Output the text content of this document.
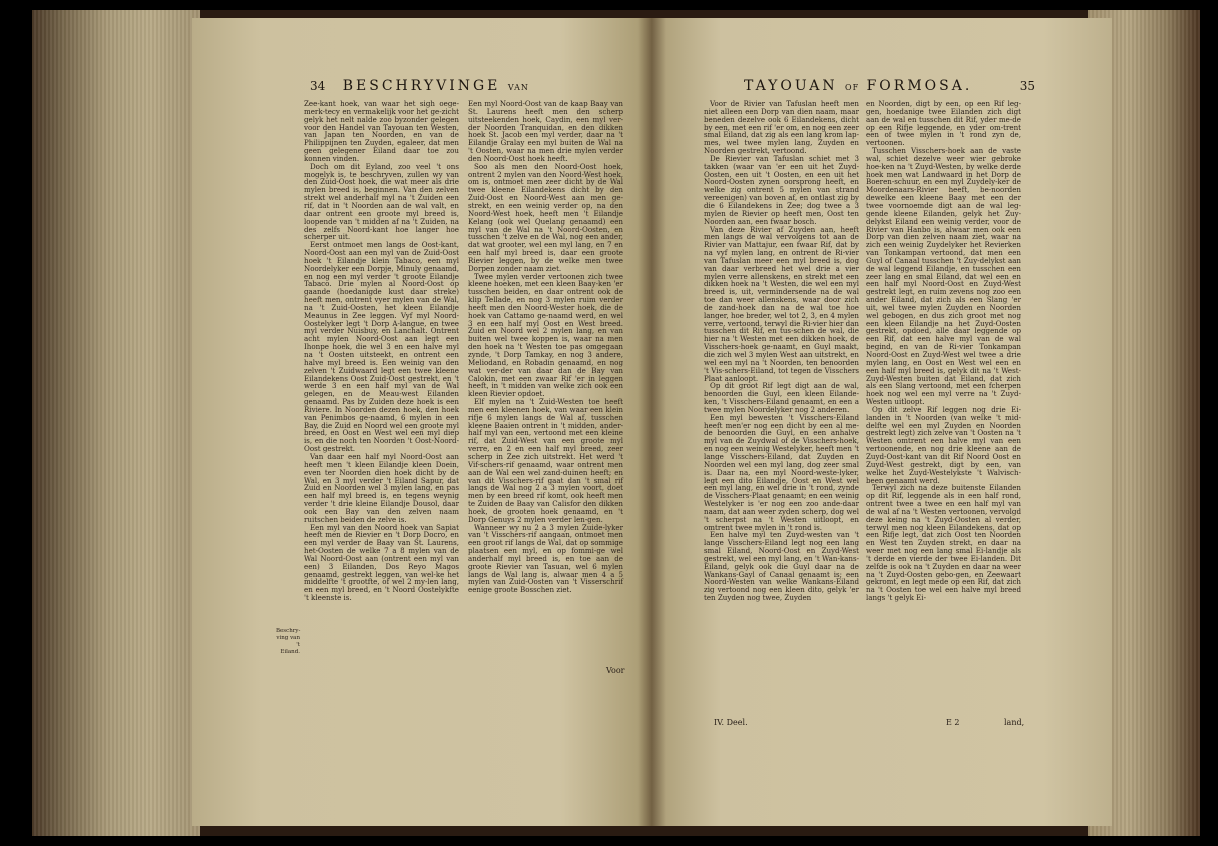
34 BESCHRYVINGE VAN

Zee-kant hoek, van waar het sigh oege-merk-tecy en vermakelijk voor het ge-zicht gelyk het nelt nalde zoo byzonder gelegen voor den Handel van Tayouan ten Westen, van Japan ten Noorden, en van de Philippijnen ten Zuyden, egaleer, dat men geen gelegener Eiland daar toe zou konnen vinden.

Doch om dit Eyland, zoo veel 't ons mogelyk is, te beschryven, zullen wy van den Zuid-Oost hoek, die wat meer als drie mylen breed is, beginnen. Van den zelven strekt wel anderhalf myl na 't Zuiden een rif, dat in 't Noorden aan de wal valt, en daar ontrent een groote myl breed is, loopende van 't midden af na 't Zuiden, na des zelfs Noord-kant hoe langer hoe scherper uit.

Eerst ontmoet men langs de Oost-kant, Noord-Oost aan een myl van de Zuid-Oost hoek 't Eilandje klein Tabaco, een myl Noordelyker een Dorpje, Minuly genaamd, en nog een myl verder 't groote Eilandje Tabaco. Drie mylen al Noord-Oost op gaande (hoedanigde kust daar streke) heeft men, ontrent vyer mylen van de Wal, na 't Zuid-Oosten, het kleen Eilandje Meaunus in Zee leggen. Vyf myl Noord-Oostelyker legt 't Dorp A-langue, en twee myl verder Nuisbuy, en Lanchalt. Ontrent acht mylen Noord-Oost aan legt een Ihonpe hoek, die wel 3 en een halve myl na 't Oosten uitsteekt, en ontrent een halve myl breed is. Een weinig van den zelven 't Zuidwaard legt een twee kleene Eilandekens Oost Zuid-Oost gestrekt, en 't werde 3 en een half myl van de Wal gelegen, en de Meau-west Eilanden genaamd. Pas by Zuiden deze hoek is een Riviere. In Noorden dezen hoek, den hoek van Penimbos ge-naamd, 6 mylen in een Bay, die Zuid en Noord wel een groote myl breed, en Oost en West wel een myl diep is, en die noch ten Noorden 't Oost-Noord-Oost gestrekt.

Van daar een half myl Noord-Oost aan heeft men 't kleen Eilandje kleen Doein, even ter Noorden dien hoek dicht by de Wal, en 3 myl verder 't Eiland Sapur, dat Zuid en Noorden wel 3 mylen lang, en pas een half myl breed is, en tegens weynig verder 't drie kleine Eilandje Dousol, daar ook een Bay van den zelven naam ruitschen beiden de zelve is.

Een myl van den Noord hoek van Sapiat heeft men de Rievier en 't Dorp Docro, en een myl verder de Baay van St. Laurens, het-Oosten de welke 7 a 8 mylen van de Wal Noord-Oost aan (ontrent een myl van een) 3 Eilanden, Dos Reyo Magos genaamd, gestrekt leggen, van wel-ke het middelfte 't grootfte, of wel 2 my-len lang, en een myl breed, en 't Noord Oostelykfte 't kleenste is.

Beschry-ving van 't Eiland.

Een myl Noord-Oost van de kaap Baay van St. Laurens heeft men den scherp uitsteekenden hoek, Caydin, een myl ver-der Noorden Tranquidan, en den dikken hoek St. Jacob een myl verder, daar na 't Eilandje Gralay een myl buiten de Wal na 't Oosten, waar na men drie mylen verder den Noord-Oost hoek heeft.

Soo als men den Noord-Oost hoek, ontrent 2 mylen van den Noord-West hoek, om is, ontmoet men zeer dicht by de Wal twee kleene Eilandekens dicht by den Zuid-Oost en Noord-West aan men ge-strekt, en een weinig verder op, na den Noord-West hoek, heeft men 't Eilandje Kelang (ook wel Quelang genaamd) een myl van de Wal na 't Noord-Oosten, en tusschen 't zelve en de Wal, nog een ander, dat wat grooter, wel een myl lang, en 7 en een half myl breed is, daar een groote Rievier leggen, by de welke men twee Dorpen zonder naam ziet.

Twee mylen verder vertoonen zich twee kleene hoeken, met een kleen Baay-ken 'er tusschen beiden, en daar ontrent ook de klip Tellade, en nog 3 mylen ruim verder heeft men den Noord-Wester hoek, die de hoek van Cattamo ge-naamd werd, en wel 3 en een half myl Oost en West breed. Zuid en Noord wel 2 mylen lang, en van buiten wel twee koppen is, waar na men den hoek na 't Westen toe pas omgegaan zynde, 't Dorp Tamkay, en nog 3 andere, Meliodand, en Robadin genaamd, en nog wat ver-der van daar dan de Bay van Calokin, met een zwaar Rif 'er in leggen heeft, in 't midden van welke zich ook een kleen Rievier opdoet.

Elf mylen na 't Zuid-Westen toe heeft men een kleenen hoek, van waar een klein rifje 6 mylen langs de Wal af, tusschen kleene Baaien ontrent in 't midden, ander-half myl van een, vertoond met een kleine rif, dat Zuid-West van een groote myl verre, en 2 en een half myl breed, zeer scherp in Zee zich uitstrekt. Het werd 't Vif-schers-rif genaamd, waar ontrent men aan de Wal een wel zand-duinen heeft; en van dit Visschers-rif gaat dan 't smal rif langs de Wal nog 2 a 3 mylen voort, doet men by een breed rif komt, ook heeft men te Zuiden de Baay van Calisfor den dikken hoek, de grooten hoek genaamd, en 't Dorp Genuys 2 mylen verder len-gen.

Wanneer wy nu 2 a 3 mylen Zuide-lyker van 't Visschers-rif aangaan, ontmoet men een groot rif langs de Wal, dat op sommige plaatsen een myl, en op fommi-ge wel anderhalf myl breed is, en toe aan de groote Rievier van Tasuan, wel 6 mylen langs de Wal lang is, alwaar men 4 a 5 mylen van Zuid-Oosten van 't Visserschrif eenige groote Bosschen ziet.

Voor
TAYOUAN OF FORMOSA.	35

Voor de Rivier van Tafuslan heeft men niet alleen een Dorp van dien naam, maar beneden dezelve ook 6 Eilandekens, dicht by een, met een rif 'er om, en nog een zeer smal Eiland, dat zig als een lang krom lap-mes, wel twee mylen lang, Zuyden en Noorden gestrekt, vertoond.

De Rievier van Tafuslan schiet met 3 takken (waar van 'er een uit het Zuyd-Oosten, een uit 't Oosten, en een uit het Noord-Oosten zynen oorsprong heeft, en welke zig ontrent 5 mylen van strand vereenigen) van boven af, en ontlast zig by die 6 Eilandekens in Zee; dog twee a 3 mylen de Rievier op heeft men, Oost ten Noorden aan, een fwaar bosch.

Van deze Rivier af Zuyden aan, heeft men langs de wal vervolgens tot aan de Rivier van Mattajur, een fwaar Rif, dat by na vyf mylen lang, en ontrent de Ri-vier van Tafuslan meer een myl breed is, dog van daar verbreed het wel drie a vier mylen verre allenskens, en strekt met een dikken hoek na 't Westen, die wel een myl breed is, uit, vermindersende na de wal toe dan weer allenskens, waar door zich de zand-hoek dan na de wal toe hoe langer, hoe breder, wel tot 2, 3, en 4 mylen verre, vertoond, terwyl die Ri-vier hier dan tusschen dit Rif, en tus-schen de wal, die hier na 't Westen met een dikken hoek, de Visschers-hoek ge-naamt, en Guyl maakt, die zich wel 3 mylen West aan uitstrekt, en wel een myl na 't Noorden, ten benoorden 't Vis-schers-Eiland, tot tegen de Visschers Plaat aanloopt.

Op dit groot Rif legt digt aan de wal, benoorden die Guyl, een kleen Eilande-ken, 't Visschers-Eiland genaamt, en een a twee mylen Noordelyker nog 2 anderen.

Een myl bewesten 't Visschers-Eiland heeft men'er nog een dicht by een al me-de benoorden die Guyl, en een anhalve myl van de Zuydwal of de Visschers-hoek, en nog een weinig Westelyker, heeft men 't lange Visschers-Eiland, dat Zuyden en Noorden wel een myl lang, dog zeer smal is. Daar na, een myl Noord-weste-lyker, legt een dito Eilandje, Oost en West wel een myl lang, en wel drie in 't rond, zynde de Visschers-Plaat genaamt; en een weinig Westelyker is 'er nog een zoo ande-daar naam, dat aan weer zyden scherp, dog wel 't scherpst na 't Westen uitloopt, en omtrent twee mylen in 't rond is.

Een halve myl ten Zuyd-westen van 't lange Visschers-Eiland legt nog een lang smal Eiland, Noord-Oost en Zuyd-West gestrekt, wel een myl lang, en 't Wan-kans-Eiland, gelyk ook die Guyl daar na de Wankans-Gayl of Canaal genaamt is; een Noord-Westen van welke Wankans-Eiland zig vertoond nog een kleen dito, gelyk 'er ten Zuyden nog twee, Zuyden

en Noorden, digt by een, op een Rif leg-gen, hoedanige twee Eilanden zich digt aan de wal en tusschen dit Rif, yder me-de op een Rifje leggende, en yder om-trent een of twee mylen in 't rond zyn de, vertoonen.

Tusschen Visschers-hoek aan de vaste wal, schiet dezelve weer wier gebroke hoe-ken na 't Zuyd-Westen, by welke derde hoek men wat Landwaard in het Dorp de Boeren-schuur, en een myl Zuydely-ker de Moordenaars-Rivier heeft, be-noorden dewelke een kleene Baay met een der twee voornoemde digt aan de wal leg-gende kleene Eilanden, gelyk het Zuy-delykst Eiland een weinig verder, voor de Rivier van Hanbo is, alwaar men ook een Dorp van dien zelven naam ziet, waar na zich een weinig Zuydelyker het Revierken van Tonkampan vertoond, dat men een Guyl of Canaal tusschen 't Zuy-delykst aan de wal leggend Eilandje, en tusschen een zeer lang en smal Eiland, dat wel een en een half myl Noord-Oost en Zuyd-West gestrekt legt, en ruim zevens nog zoo een ander Eiland, dat zich als een Slang 'er uit, wel twee mylen Zuyden en Noorden wel gebogen, en dus zich groot met nog een kleen Eilandje na het Zuyd-Oosten gestrekt, opdoed, alle daar leggende op een Rif, dat een halve myl van de wal begind, en van de Ri-vier Tonkampan Noord-Oost en Zuyd-West wel twee a drie mylen lang, en Oost en West wel een en een half myl breed is, gelyk dit na 't West-Zuyd-Westen buiten dat Eiland, dat zich als een Slang vertoond, met een fcherpen hoek nog wel een myl verre na 't Zuyd-Westen uitloopt.

Op dit zelve Rif leggen nog drie Ei-landen in 't Noorden (van welke 't mid-delfte wel een myl Zuyden en Noorden gestrekt legt) zich zelve van 't Oosten na 't Westen omtrent een halve myl van een vertoonende, en nog drie kleene aan de Zuyd-Oost-kant van dit Rif Noord Oost en Zuyd-West gestrekt, digt by een, van welke het Zuyd-Westelykste 't Walvisch-been genaamt werd.

Terwyl zich na deze buitenste Eilanden op dit Rif, leggende als in een half rond, ontrent twee a twee en een half myl van de wal af na 't Westen vertoonen, vervolgd deze keing na 't Zuyd-Oosten al verder, terwyl men nog kleen Eilandekens, dat op een Rifje legt, dat zich Oost ten Noorden en West ten Zuyden strekt, en daar na weer met nog een lang smal Ei-landje als 't derde en vierde der twee Ei-landen. Dit zelfde is ook na 't Zuyden en daar na weer na 't Zuyd-Oosten gebo-gen, en Zeewaart gekromt, en legt mede op een Rif, dat zich na 't Oosten toe wel een halve myl breed langs 't gelyk Ei-

IV. Deel.	E 2	land,
